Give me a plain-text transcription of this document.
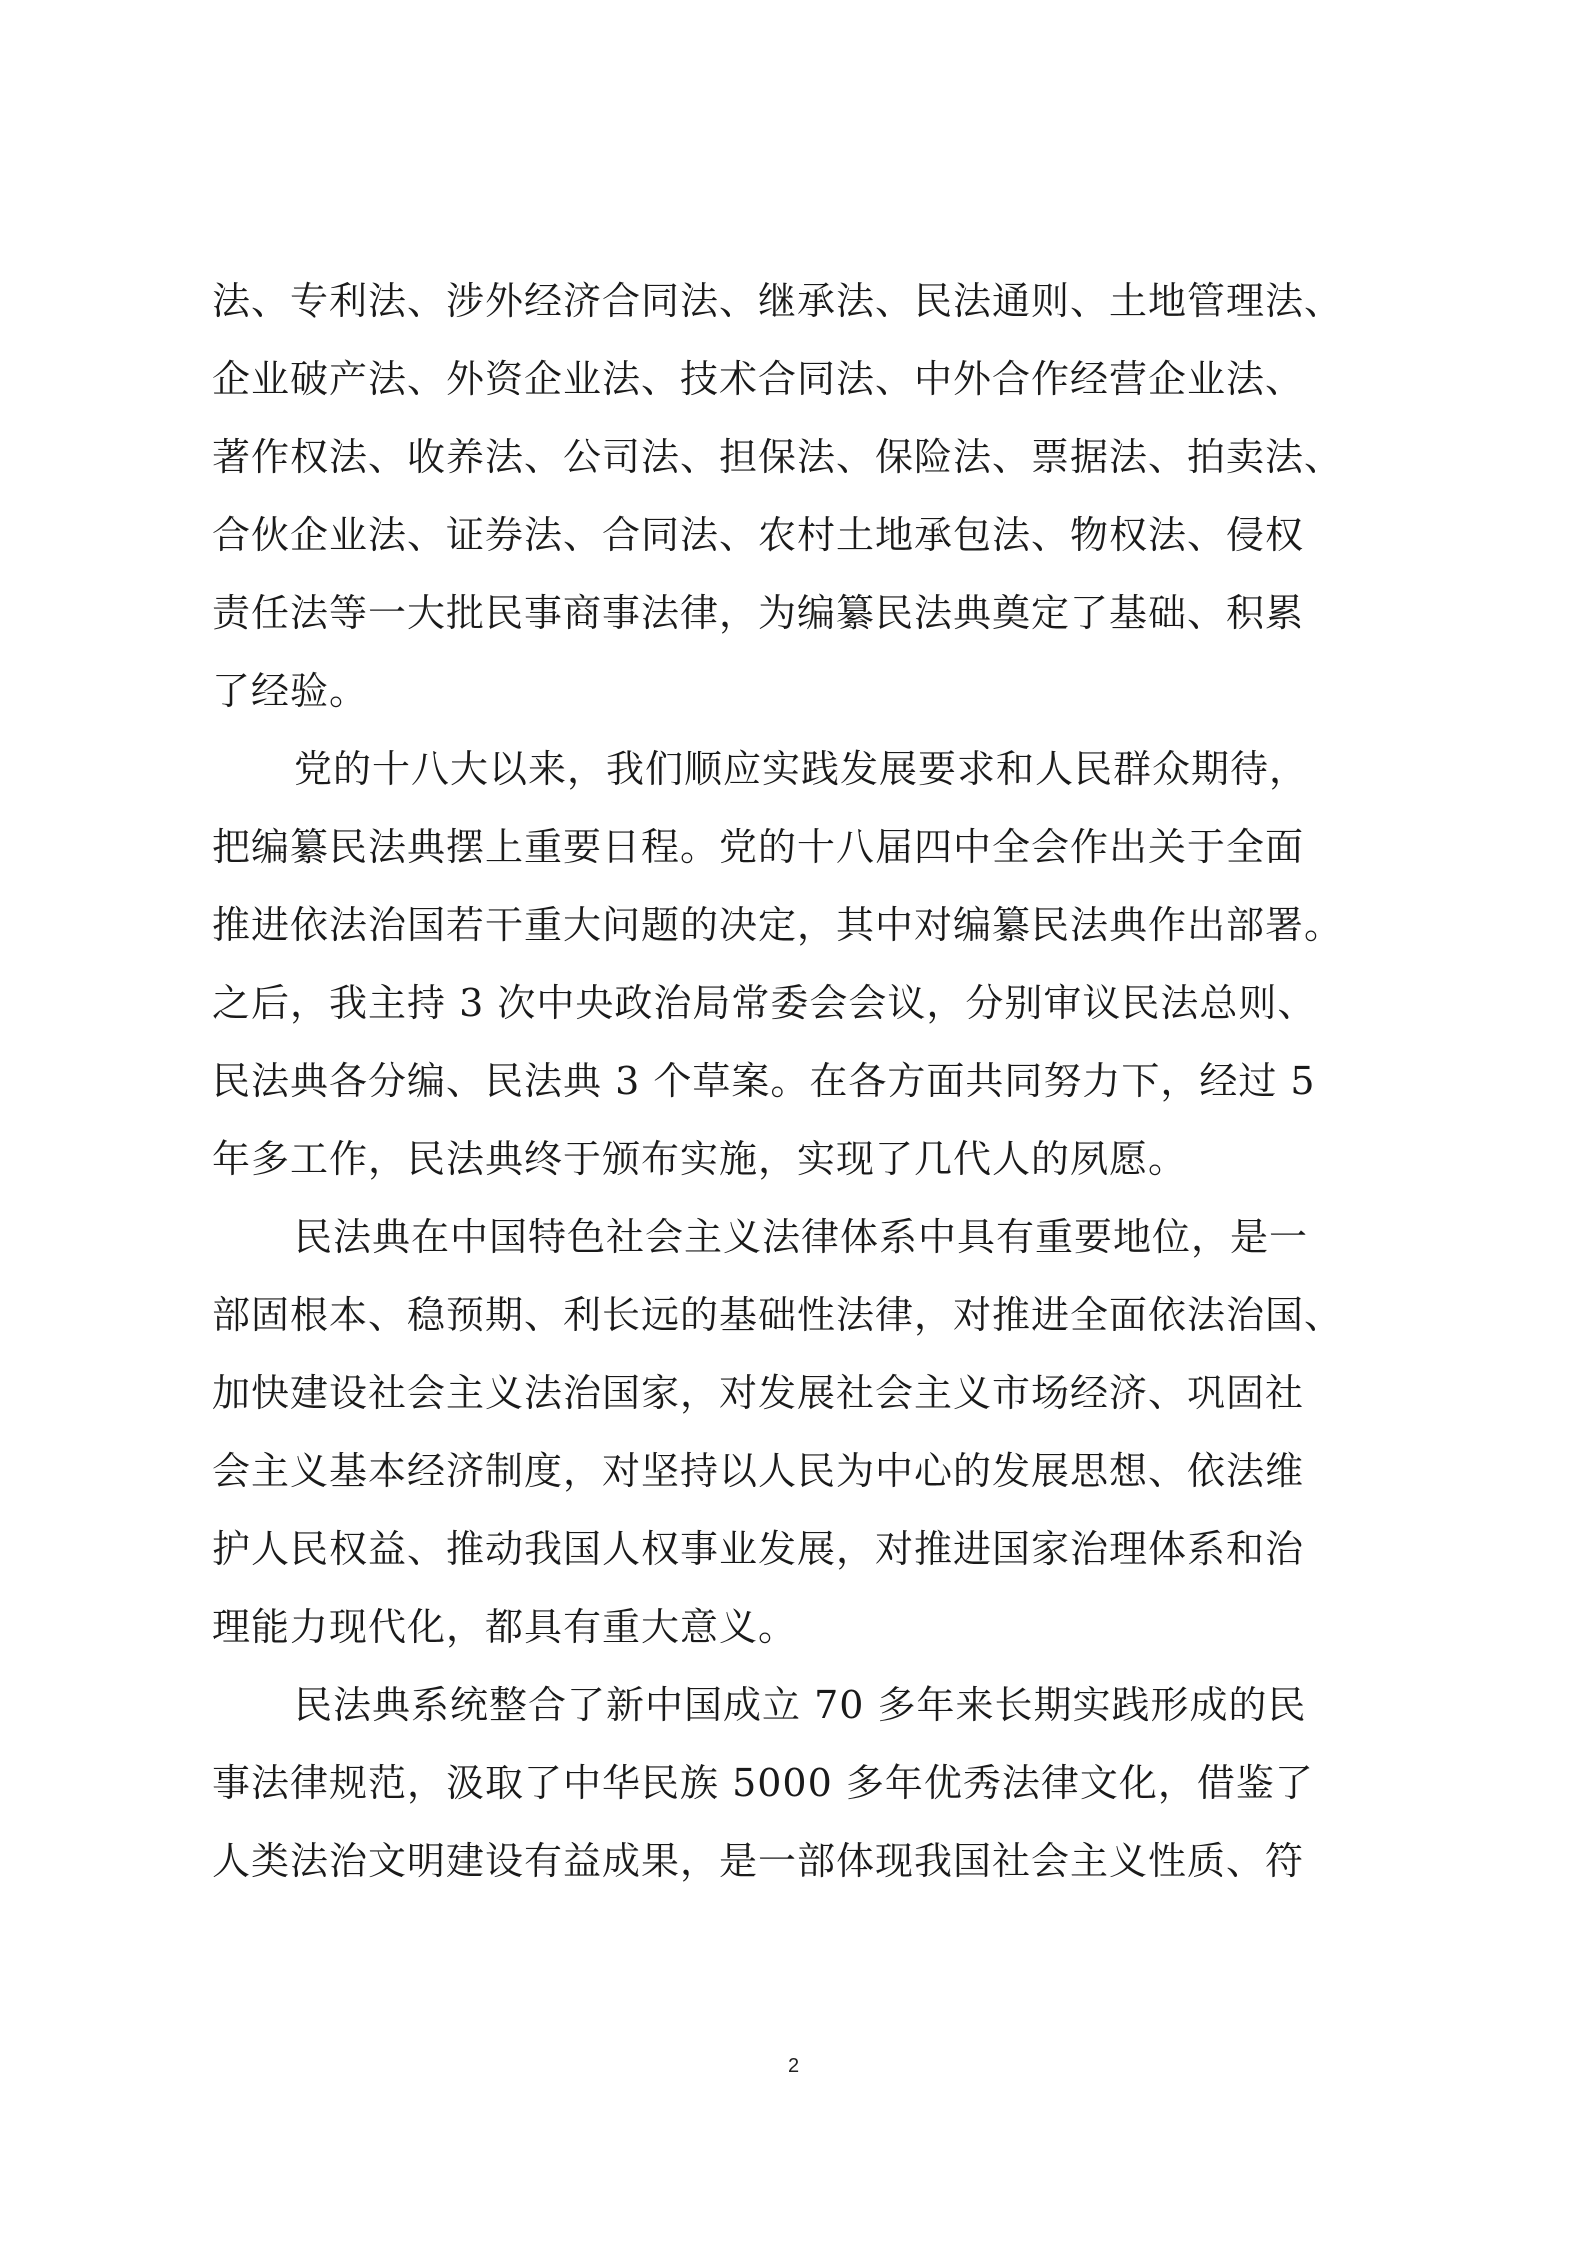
法、专利法、涉外经济合同法、继承法、民法通则、土地管理法、
企业破产法、外资企业法、技术合同法、中外合作经营企业法、
著作权法、收养法、公司法、担保法、保险法、票据法、拍卖法、
合伙企业法、证券法、合同法、农村土地承包法、物权法、侵权
责任法等一大批民事商事法律，为编纂民法典奠定了基础、积累
了经验。
党的十八大以来，我们顺应实践发展要求和人民群众期待，
把编纂民法典摆上重要日程。党的十八届四中全会作出关于全面
推进依法治国若干重大问题的决定，其中对编纂民法典作出部署。
之后，我主持 3 次中央政治局常委会会议，分别审议民法总则、
民法典各分编、民法典 3 个草案。在各方面共同努力下，经过 5
年多工作，民法典终于颁布实施，实现了几代人的夙愿。
民法典在中国特色社会主义法律体系中具有重要地位，是一
部固根本、稳预期、利长远的基础性法律，对推进全面依法治国、
加快建设社会主义法治国家，对发展社会主义市场经济、巩固社
会主义基本经济制度，对坚持以人民为中心的发展思想、依法维
护人民权益、推动我国人权事业发展，对推进国家治理体系和治
理能力现代化，都具有重大意义。
民法典系统整合了新中国成立 70 多年来长期实践形成的民
事法律规范，汲取了中华民族 5000 多年优秀法律文化，借鉴了
人类法治文明建设有益成果，是一部体现我国社会主义性质、符
2
